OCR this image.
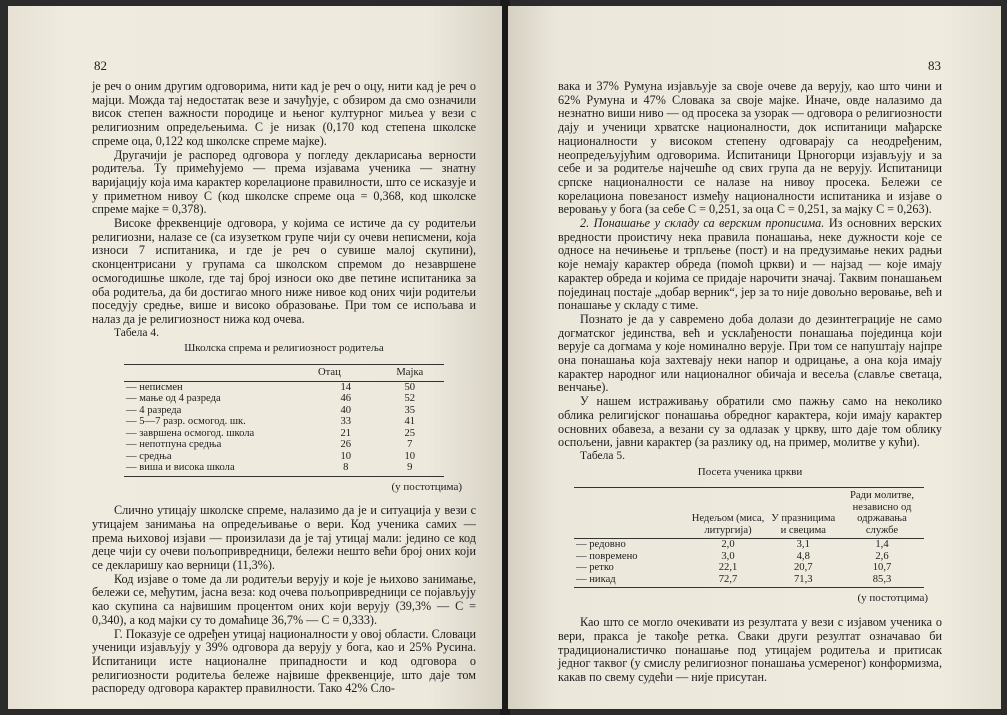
82

је реч о оним другим одговорима, нити кад је реч о оцу, нити кад је реч о мајци. Можда тај недостатак везе и зачуђује, с обзиром да смо означили висок степен важности породице и њеног културног миљеа у вези с религиозним опредељењима. С је низак (0,170 код степена школске спреме оца, 0,122 код школске спреме мајке).

Другачији је распоред одговора у погледу декларисања верности родитеља. Ту примећујемо — према изјавама ученика — знатну варијацију која има карактер корелационе правилности, што се исказује и у приметном нивоу С (код школске спреме оца = 0,368, код школске спреме мајке = 0,378).

Високе фреквенције одговора, у којима се истиче да су родитељи религиозни, налазе се (са изузетком групе чији су очеви неписмени, која износи 7 испитаника, и где је реч о сувише малој скупини), сконцентрисани у групама са школском спремом до незавршене осмогодишње школе, где тај број износи око две петине испитаника за оба родитеља, да би достигао много ниже нивое код оних чији родитељи поседују средње, више и високо образовање. При том се испољава и налаз да је религиозност нижа код очева.

Табела 4.

Школска спрема и религиозност родитеља
	Отац	Мајка
— неписмен	14	50
— мање од 4 разреда	46	52
— 4 разреда	40	35
— 5—7 разр. осмогод. шк.	33	41
— завршена осмогод. школа	21	25
— непотпуна средња	26	7
— средња	10	10
— виша и висока школа	8	9
(у постотцима)

Слично утицају школске спреме, налазимо да је и ситуација у вези с утицајем занимања на опредељивање о вери. Код ученика самих — према њиховој изјави — произилази да је тај утицај мали: једино се код деце чији су очеви пољопривредници, бележи нешто већи број оних који се декларишу као верници (11,3%).

Код изјаве о томе да ли родитељи верују и које је њихово занимање, бележи се, међутим, јасна веза: код очева пољопривредници се појављују као скупина са највишим процентом оних који верују (39,3% — С = 0,340), а код мајки су то домаћице 36,7% — С = 0,333).

Г. Показује се одређен утицај националности у овој области. Словаци ученици изјављују у 39% одговора да верују у бога, као и 25% Русина. Испитаници исте националне припадности и код одговора о религиозности родитеља бележе највише фреквенције, што даје том распореду одговора карактер правилности. Тако 42% Сло-

83

вака и 37% Румуна изјављује за своје очеве да верују, као што чини и 62% Румуна и 47% Словака за своје мајке. Иначе, овде налазимо да незнатно виши ниво — од просека за узорак — одговора о религиозности дају и ученици хрватске националности, док испитаници мађарске националности у високом степену одговарају са неодређеним, неопредељујућим одговорима. Испитаници Црногорци изјављују и за себе и за родитеље најчешће од свих група да не верују. Испитаници српске националности се налазе на нивоу просека. Бележи се корелациона повезаност између националности испитаника и изјаве о веровању у бога (за себе С = 0,251, за оца С = 0,251, за мајку С = 0,263).

2. Понашање у складу са верским прописима. Из основних верских вредности проистичу нека правила понашања, неке дужности које се односе на нечињење и трпљење (пост) и на предузимање неких радњи које немају карактер обреда (помоћ цркви) и — најзад — које имају карактер обреда и којима се придаје нарочити значај. Таквим понашањем појединац постаје „добар верник“, јер за то није довољно веровање, већ и понашање у складу с тиме.

Познато је да у савремено доба долази до дезинтеграције не само догматског јединства, већ и усклађености понашања појединца који верује са догмама у које номинално верује. При том се напуштају најпре она понашања која захтевају неки напор и одрицање, а она која имају карактер народног или националног обичаја и весеља (славље светаца, венчање).

У нашем истраживању обратили смо пажњу само на неколико облика религијског понашања обредног карактера, који имају карактер основних обавеза, а везани су за одлазак у цркву, што даје том облику оспољени, јавни карактер (за разлику од, на пример, молитве у кући).

Табела 5.

Посета ученика цркви
	Недељом (миса, литургија)	У празницима и свецима	Ради молитве, независно од одржавања службе
— редовно	2,0	3,1	1,4
— повремено	3,0	4,8	2,6
— ретко	22,1	20,7	10,7
— никад	72,7	71,3	85,3
(у постотцима)

Као што се могло очекивати из резултата у вези с изјавом ученика о вери, пракса је такође ретка. Сваки други резултат означавао би традиционалистичко понашање под утицајем родитеља и притисак једног таквог (у смислу религиозног понашања усмереног) конформизма, какав по свему судећи — није присутан.
